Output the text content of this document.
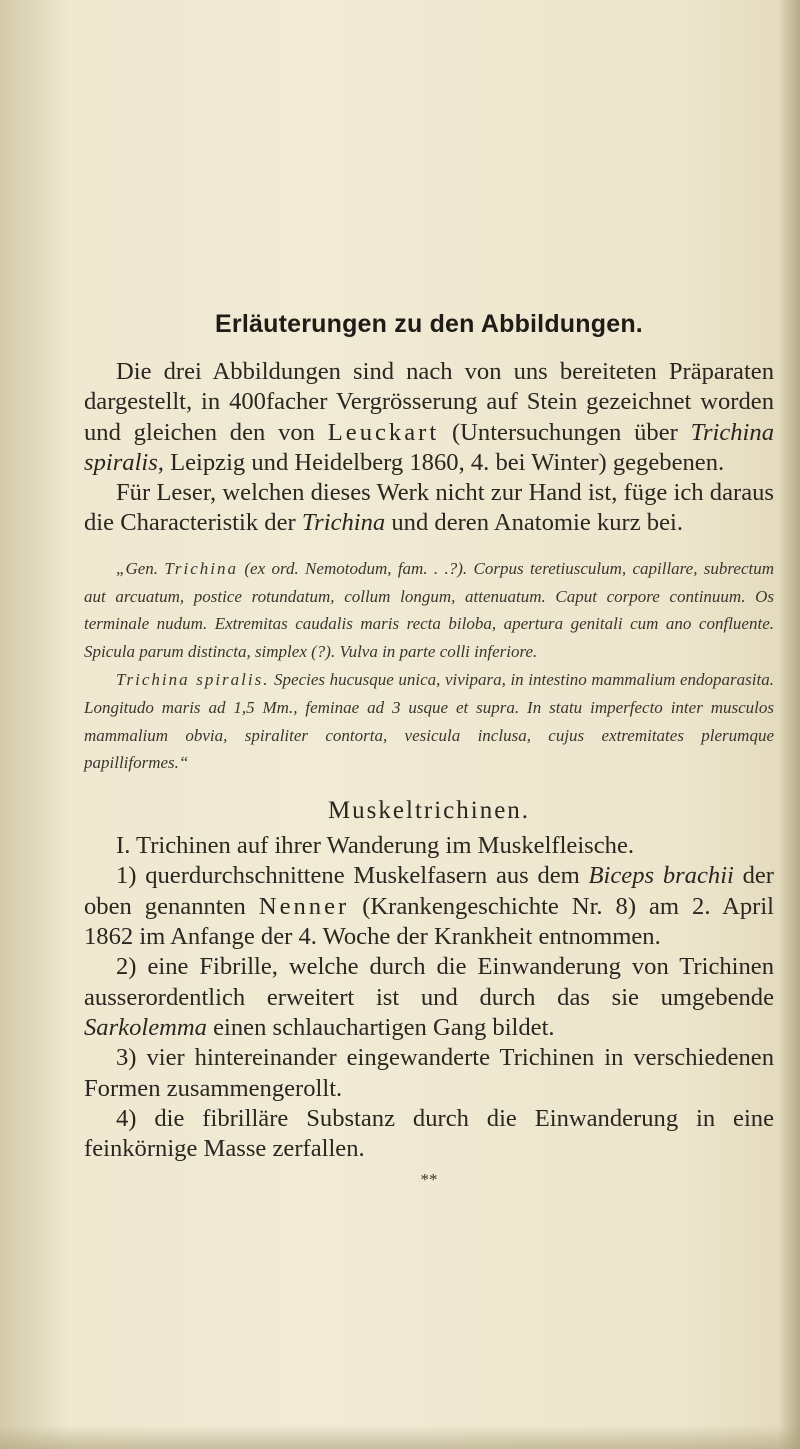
Erläuterungen zu den Abbildungen.

Die drei Abbildungen sind nach von uns bereiteten Präparaten dargestellt, in 400facher Vergrösserung auf Stein gezeichnet worden und gleichen den von Leuckart (Untersuchungen über Trichina spiralis, Leipzig und Heidelberg 1860, 4. bei Winter) gegebenen.

Für Leser, welchen dieses Werk nicht zur Hand ist, füge ich daraus die Characteristik der Trichina und deren Anatomie kurz bei.

„Gen. Trichina (ex ord. Nemotodum, fam. . .?). Corpus teretiusculum, capillare, subrectum aut arcuatum, postice rotundatum, collum longum, attenuatum. Caput corpore continuum. Os terminale nudum. Extremitas caudalis maris recta biloba, apertura genitali cum ano confluente. Spicula parum distincta, simplex (?). Vulva in parte colli inferiore.
Trichina spiralis. Species hucusque unica, vivipara, in intestino mammalium endoparasita. Longitudo maris ad 1,5 Mm., feminae ad 3 usque et supra. In statu imperfecto inter musculos mammalium obvia, spiraliter contorta, vesicula inclusa, cujus extremitates plerumque papilliformes.“
Muskeltrichinen.

I. Trichinen auf ihrer Wanderung im Muskelfleische.

1) querdurchschnittene Muskelfasern aus dem Biceps brachii der oben genannten Nenner (Krankengeschichte Nr. 8) am 2. April 1862 im Anfange der 4. Woche der Krankheit entnommen.

2) eine Fibrille, welche durch die Einwanderung von Trichinen ausserordentlich erweitert ist und durch das sie umgebende Sarkolemma einen schlauchartigen Gang bildet.

3) vier hintereinander eingewanderte Trichinen in verschiedenen Formen zusammengerollt.

4) die fibrilläre Substanz durch die Einwanderung in eine feinkörnige Masse zerfallen.

**
